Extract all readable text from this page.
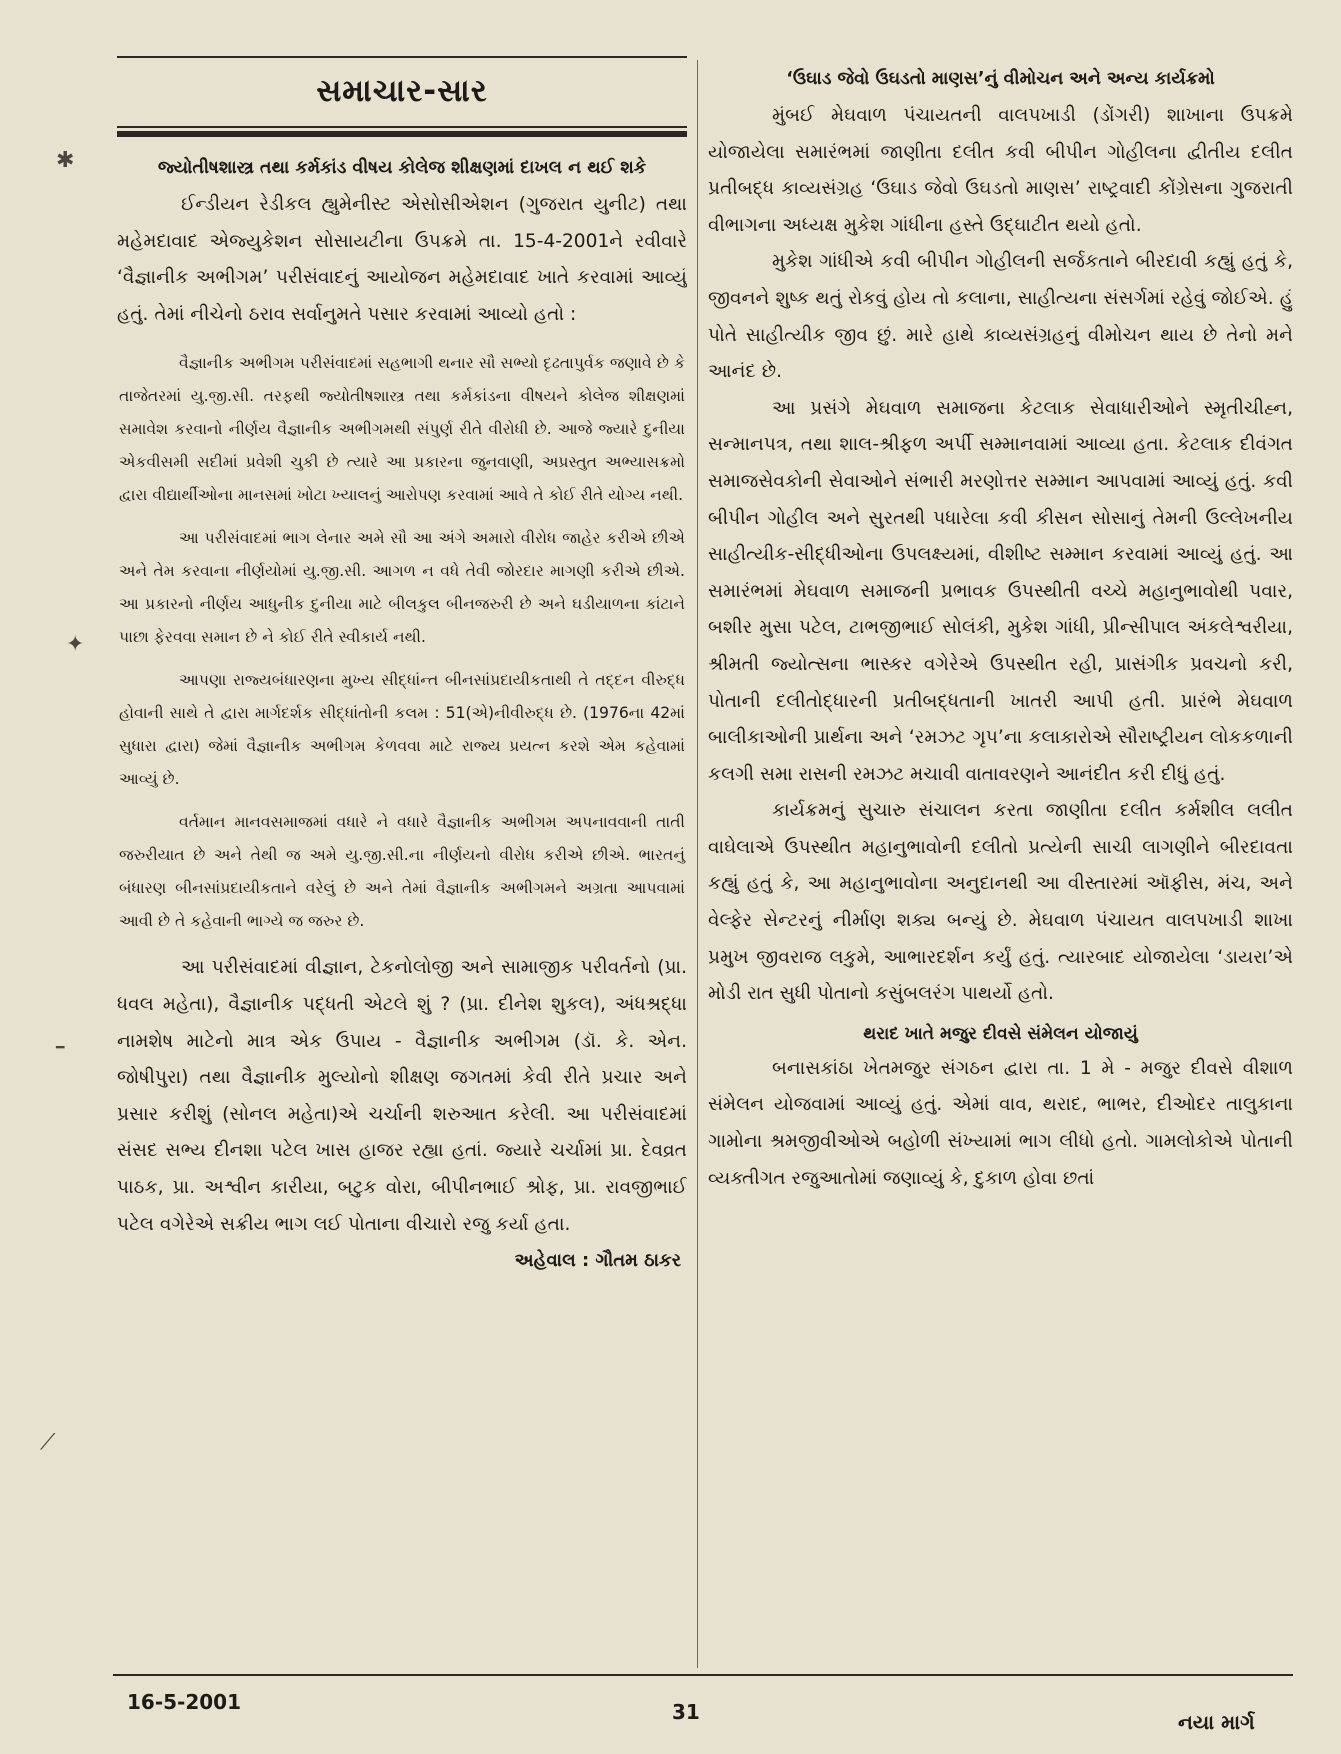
સમાચાર-સાર
જ્યોતીષશાસ્ત્ર તથા કર્મકાંડ વીષય કોલેજ શીક્ષણમાં દાખલ ન થઈ શકે

ઈન્ડીયન રેડીકલ હ્યુમેનીસ્ટ એસોસીએશન (ગુજરાત યુનીટ) તથા મહેમદાવાદ એજ્યુકેશન સોસાયટીના ઉપક્રમે તા. 15-4-2001ને રવીવારે ‘વૈજ્ઞાનીક અભીગમ’ પરીસંવાદનું આયોજન મહેમદાવાદ ખાતે કરવામાં આવ્યું હતું. તેમાં નીચેનો ઠરાવ સર્વાનુમતે પસાર કરવામાં આવ્યો હતો :

વૈજ્ઞાનીક અભીગમ પરીસંવાદમાં સહભાગી થનાર સૌ સભ્યો દૃઢતાપુર્વક જણાવે છે કે તાજેતરમાં યુ.જી.સી. તરફથી જ્યોતીષશાસ્ત્ર તથા કર્મકાંડના વીષયને કોલેજ શીક્ષણમાં સમાવેશ કરવાનો નીર્ણય વૈજ્ઞાનીક અભીગમથી સંપુર્ણ રીતે વીરોધી છે. આજે જ્યારે દુનીયા એકવીસમી સદીમાં પ્રવેશી ચુકી છે ત્યારે આ પ્રકારના જુનવાણી, અપ્રસ્તુત અભ્યાસક્રમો દ્વારા વીદ્યાર્થીઓના માનસમાં ખોટા ખ્યાલનું આરોપણ કરવામાં આવે તે કોઈ રીતે યોગ્ય નથી.

આ પરીસંવાદમાં ભાગ લેનાર અમે સૌ આ અંગે અમારો વીરોધ જાહેર કરીએ છીએ અને તેમ કરવાના નીર્ણયોમાં યુ.જી.સી. આગળ ન વધે તેવી જોરદાર માગણી કરીએ છીએ. આ પ્રકારનો નીર્ણય આધુનીક દુનીયા માટે બીલકુલ બીનજરુરી છે અને ઘડીયાળના કાંટાને પાછા ફેરવવા સમાન છે ને કોઈ રીતે સ્વીકાર્ય નથી.

આપણા રાજ્યબંધારણના મુખ્ય સીદ્ધાંન્ત બીનસાંપ્રદાયીકતાથી તે તદ્દન વીરુદ્ધ હોવાની સાથે તે દ્વારા માર્ગદર્શક સીદ્ધાંતોની કલમ : 51(એ)નીવીરુદ્ધ છે. (1976ના 42માં સુધારા દ્વારા) જેમાં વૈજ્ઞાનીક અભીગમ કેળવવા માટે રાજ્ય પ્રયત્ન કરશે એમ કહેવામાં આવ્યું છે.

વર્તમાન માનવસમાજમાં વધારે ને વધારે વૈજ્ઞાનીક અભીગમ અપનાવવાની તાતી જરુરીયાત છે અને તેથી જ અમે યુ.જી.સી.ના નીર્ણયનો વીરોધ કરીએ છીએ. ભારતનું બંધારણ બીનસાંપ્રદાયીકતાને વરેલું છે અને તેમાં વૈજ્ઞાનીક અભીગમને અગ્રતા આપવામાં આવી છે તે કહેવાની ભાગ્યે જ જરુર છે.

આ પરીસંવાદમાં વીજ્ઞાન, ટેકનોલોજી અને સામાજીક પરીવર્તનો (પ્રા. ધવલ મહેતા), વૈજ્ઞાનીક પદ્ધતી એટલે શું ? (પ્રા. દીનેશ શુકલ), અંધશ્રદ્ધા નામશેષ માટેનો માત્ર એક ઉપાય - વૈજ્ઞાનીક અભીગમ (ડૉ. કે. એન. જોષીપુરા) તથા વૈજ્ઞાનીક મુલ્યોનો શીક્ષણ જગતમાં કેવી રીતે પ્રચાર અને પ્રસાર કરીશું (સોનલ મહેતા)એ ચર્ચાની શરુઆત કરેલી. આ પરીસંવાદમાં સંસદ સભ્ય દીનશા પટેલ ખાસ હાજર રહ્યા હતાં. જ્યારે ચર્ચામાં પ્રા. દેવવ્રત પાઠક, પ્રા. અશ્વીન કારીયા, બટુક વોરા, બીપીનભાઈ શ્રોફ, પ્રા. રાવજીભાઈ પટેલ વગેરેએ સક્રીય ભાગ લઈ પોતાના વીચારો રજુ કર્યા હતા.

અહેવાલ : ગૌતમ ઠાકર
‘ઉઘાડ જેવો ઉઘડતો માણસ’નું વીમોચન અને અન્ય કાર્યક્રમો

મુંબઈ મેઘવાળ પંચાયતની વાલપખાડી (ડોંગરી) શાખાના ઉપક્રમે યોજાયેલા સમારંભમાં જાણીતા દલીત કવી બીપીન ગોહીલના દ્વીતીય દલીત પ્રતીબદ્ધ કાવ્યસંગ્રહ ‘ઉઘાડ જેવો ઉઘડતો માણસ’ રાષ્ટ્રવાદી કોંગ્રેસના ગુજરાતી વીભાગના અધ્યક્ષ મુકેશ ગાંધીના હસ્તે ઉદ્ઘાટીત થયો હતો.

મુકેશ ગાંધીએ કવી બીપીન ગોહીલની સર્જકતાને બીરદાવી કહ્યું હતું કે, જીવનને શુષ્ક થતું રોકવું હોય તો કલાના, સાહીત્યના સંસર્ગમાં રહેવું જોઈએ. હું પોતે સાહીત્યીક જીવ છું. મારે હાથે કાવ્યસંગ્રહનું વીમોચન થાય છે તેનો મને આનંદ છે.

આ પ્રસંગે મેઘવાળ સમાજના કેટલાક સેવાધારીઓને સ્મૃતીચીહ્ન, સન્માનપત્ર, તથા શાલ-શ્રીફળ અર્પી સમ્માનવામાં આવ્યા હતા. કેટલાક દીવંગત સમાજસેવકોની સેવાઓને સંભારી મરણોત્તર સમ્માન આપવામાં આવ્યું હતું. કવી બીપીન ગોહીલ અને સુરતથી પધારેલા કવી કીસન સોસાનું તેમની ઉલ્લેખનીય સાહીત્યીક-સીદ્ધીઓના ઉપલક્ષ્યમાં, વીશીષ્ટ સમ્માન કરવામાં આવ્યું હતું. આ સમારંભમાં મેઘવાળ સમાજની પ્રભાવક ઉપસ્થીતી વચ્ચે મહાનુભાવોથી પવાર, બશીર મુસા પટેલ, ટાભજીભાઈ સોલંકી, મુકેશ ગાંધી, પ્રીન્સીપાલ અંકલેશ્વરીયા, શ્રીમતી જ્યોત્સના ભાસ્કર વગેરેએ ઉપસ્થીત રહી, પ્રાસંગીક પ્રવચનો કરી, પોતાની દલીતોદ્ધારની પ્રતીબદ્ધતાની ખાતરી આપી હતી. પ્રારંભે મેઘવાળ બાલીકાઓની પ્રાર્થના અને ‘રમઝટ ગૃપ’ના કલાકારોએ સૌરાષ્ટ્રીયન લોકકળાની કલગી સમા રાસની રમઝટ મચાવી વાતાવરણને આનંદીત કરી દીધું હતું.

કાર્યક્રમનું સુચારુ સંચાલન કરતા જાણીતા દલીત કર્મશીલ લલીત વાઘેલાએ ઉપસ્થીત મહાનુભાવોની દલીતો પ્રત્યેની સાચી લાગણીને બીરદાવતા કહ્યું હતું કે, આ મહાનુભાવોના અનુદાનથી આ વીસ્તારમાં ઑફીસ, મંચ, અને વેલ્ફેર સેન્ટરનું નીર્માણ શક્ય બન્યું છે. મેઘવાળ પંચાયત વાલપખાડી શાખા પ્રમુખ જીવરાજ લકુમે, આભારદર્શન કર્યું હતું. ત્યારબાદ યોજાયેલા ‘ડાયરા’એ મોડી રાત સુધી પોતાનો કસુંબલરંગ પાથર્યો હતો.

થરાદ ખાતે મજુર દીવસે સંમેલન યોજાયું

બનાસકાંઠા ખેતમજુર સંગઠન દ્વારા તા. 1 મે - મજુર દીવસે વીશાળ સંમેલન યોજવામાં આવ્યું હતું. એમાં વાવ, થરાદ, ભાભર, દીઓદર તાલુકાના ગામોના શ્રમજીવીઓએ બહોળી સંખ્યામાં ભાગ લીધો હતો. ગામલોકોએ પોતાની વ્યક્તીગત રજુઆતોમાં જણાવ્યું કે, દુકાળ હોવા છતાં

16-5-2001	31	નયા માર્ગ
✱
✦
━
⟋
